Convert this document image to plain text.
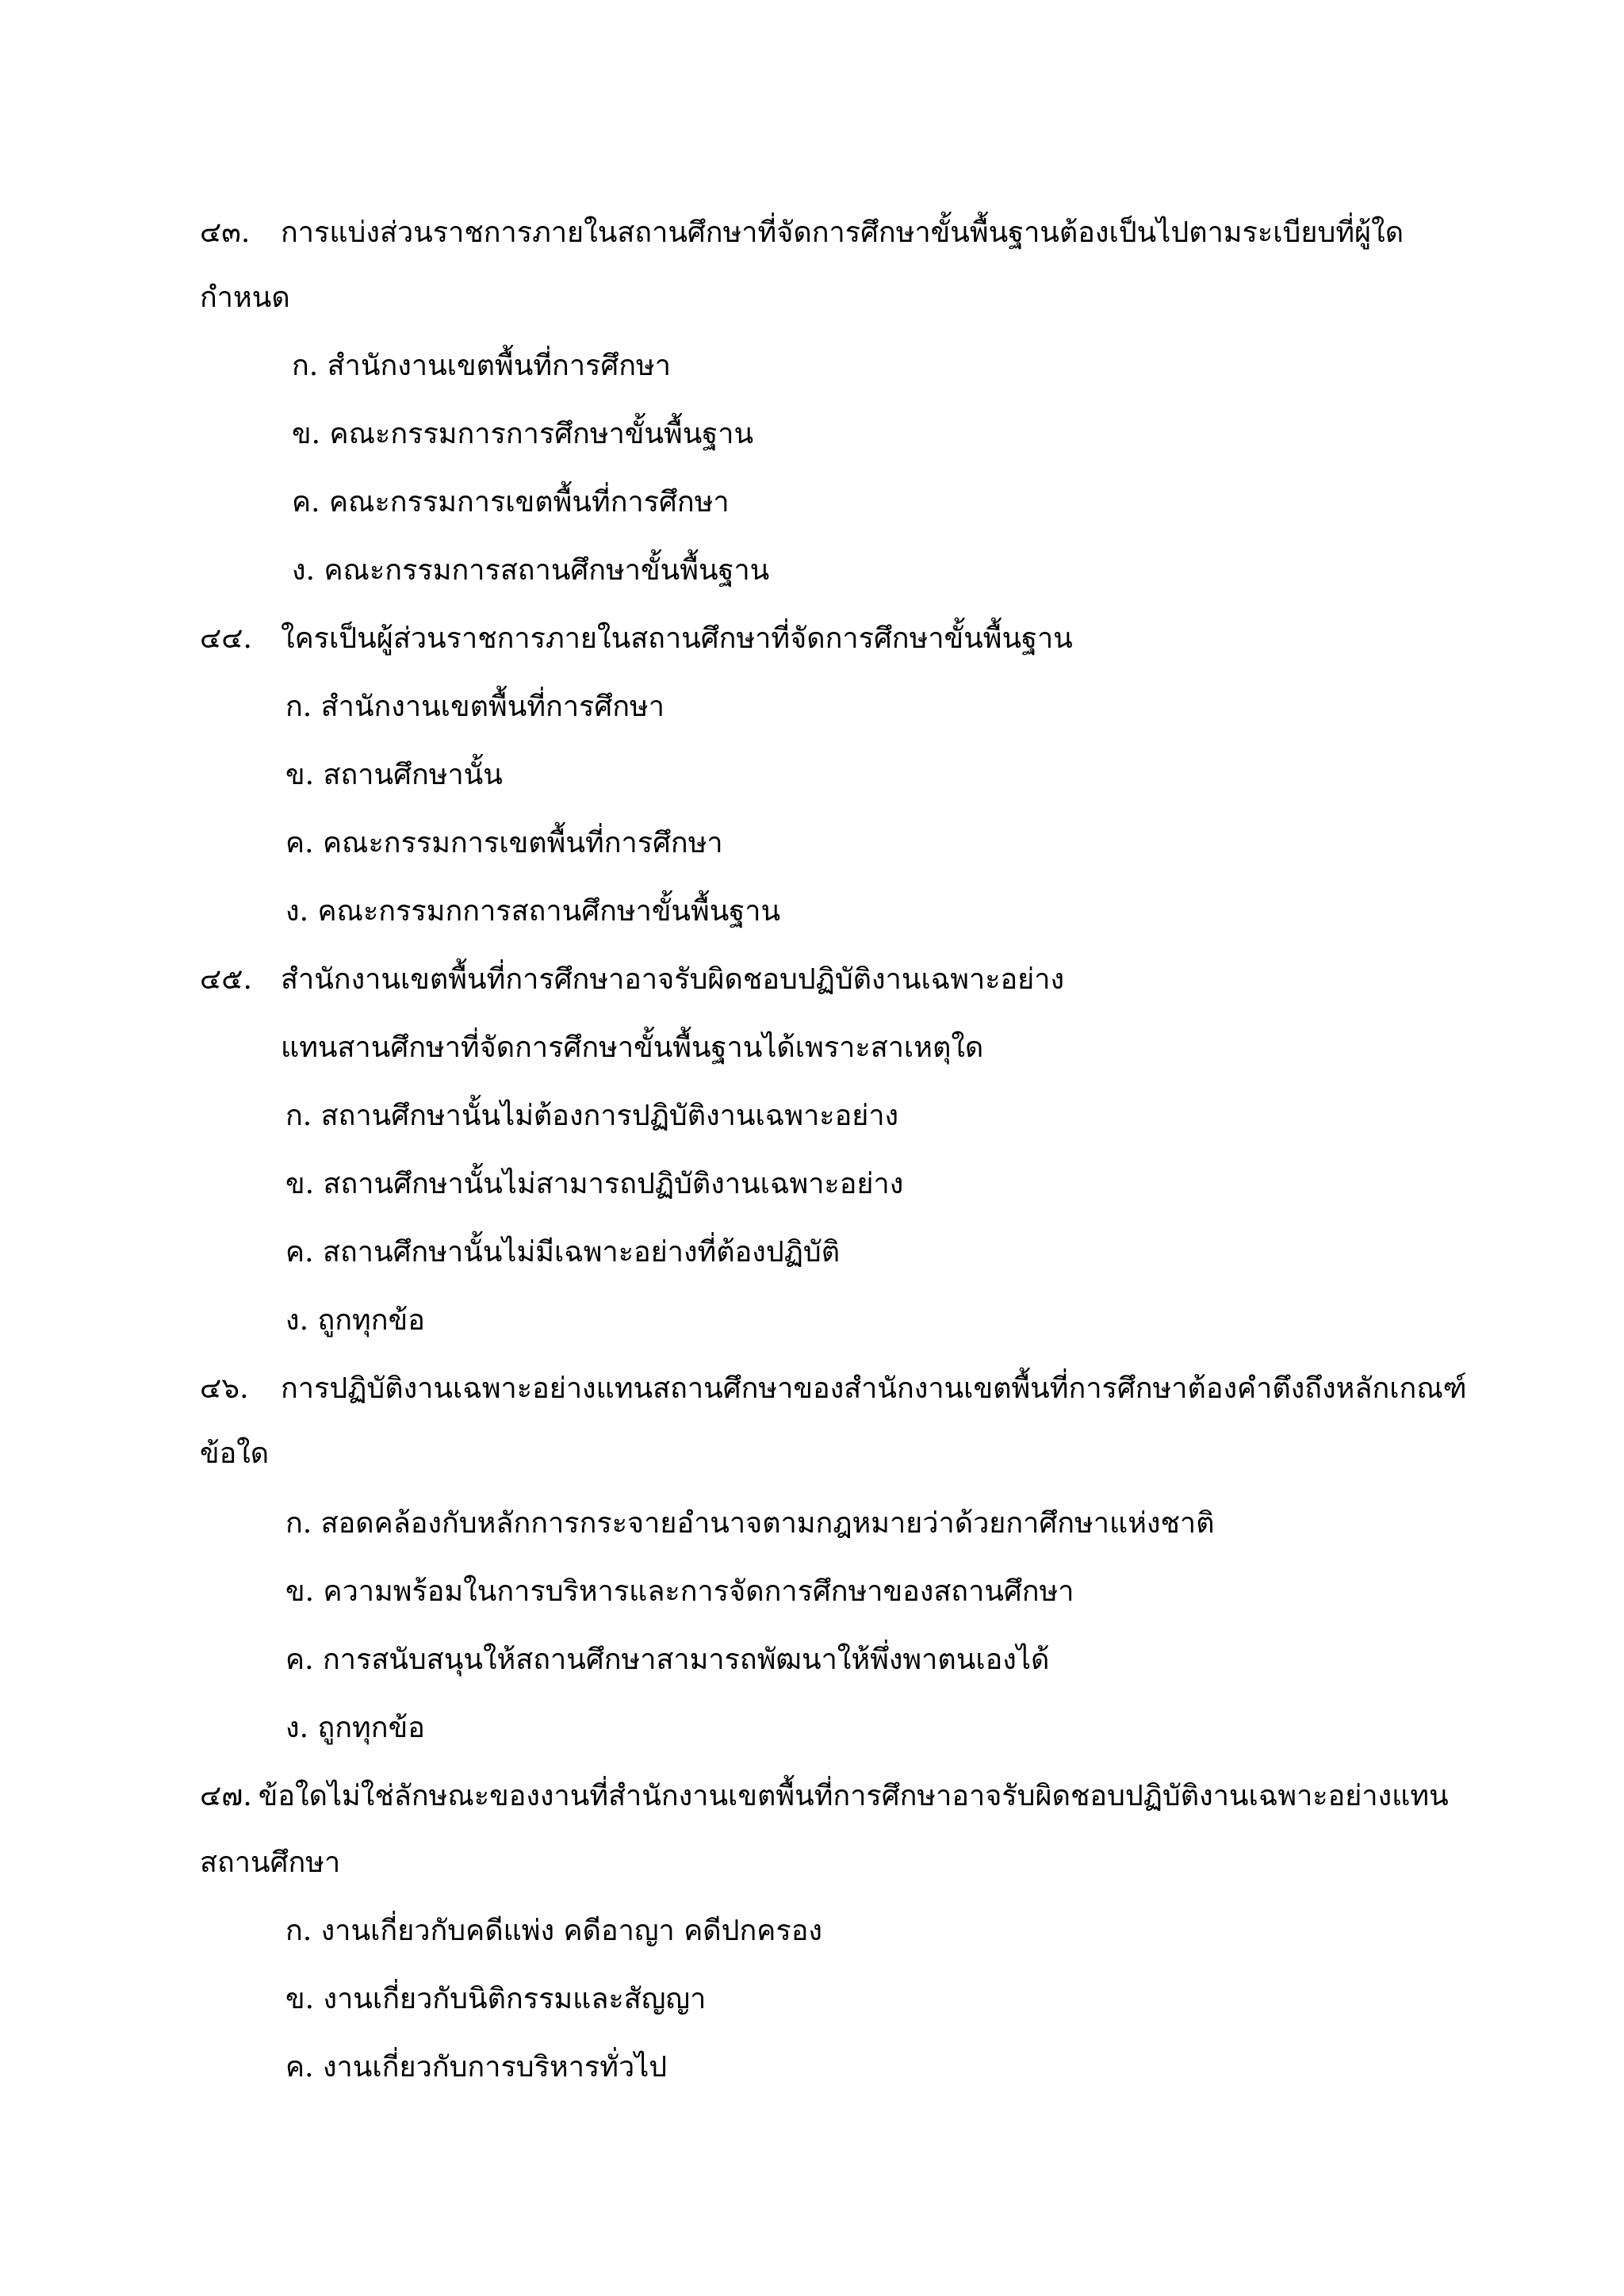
๔๓. การแบ่งส่วนราชการภายในสถานศึกษาที่จัดการศึกษาขั้นพื้นฐานต้องเป็นไปตามระเบียบที่ผู้ใด
กำหนด
ก. สำนักงานเขตพื้นที่การศึกษา
ข. คณะกรรมการการศึกษาขั้นพื้นฐาน
ค. คณะกรรมการเขตพื้นที่การศึกษา
ง. คณะกรรมการสถานศึกษาขั้นพื้นฐาน
๔๔. ใครเป็นผู้ส่วนราชการภายในสถานศึกษาที่จัดการศึกษาขั้นพื้นฐาน
ก. สำนักงานเขตพื้นที่การศึกษา
ข. สถานศึกษานั้น
ค. คณะกรรมการเขตพื้นที่การศึกษา
ง. คณะกรรมกการสถานศึกษาขั้นพื้นฐาน
๔๕. สำนักงานเขตพื้นที่การศึกษาอาจรับผิดชอบปฏิบัติงานเฉพาะอย่าง
แทนสานศึกษาที่จัดการศึกษาขั้นพื้นฐานได้เพราะสาเหตุใด
ก. สถานศึกษานั้นไม่ต้องการปฏิบัติงานเฉพาะอย่าง
ข. สถานศึกษานั้นไม่สามารถปฏิบัติงานเฉพาะอย่าง
ค. สถานศึกษานั้นไม่มีเฉพาะอย่างที่ต้องปฏิบัติ
ง. ถูกทุกข้อ
๔๖. การปฏิบัติงานเฉพาะอย่างแทนสถานศึกษาของสำนักงานเขตพื้นที่การศึกษาต้องคำตึงถึงหลักเกณฑ์
ข้อใด
ก. สอดคล้องกับหลักการกระจายอำนาจตามกฎหมายว่าด้วยกาศึกษาแห่งชาติ
ข. ความพร้อมในการบริหารและการจัดการศึกษาของสถานศึกษา
ค. การสนับสนุนให้สถานศึกษาสามารถพัฒนาให้พึ่งพาตนเองได้
ง. ถูกทุกข้อ
๔๗. ข้อใดไม่ใช่ลักษณะของงานที่สำนักงานเขตพื้นที่การศึกษาอาจรับผิดชอบปฏิบัติงานเฉพาะอย่างแทน
สถานศึกษา
ก. งานเกี่ยวกับคดีแพ่ง คดีอาญา คดีปกครอง
ข. งานเกี่ยวกับนิติกรรมและสัญญา
ค. งานเกี่ยวกับการบริหารทั่วไป
